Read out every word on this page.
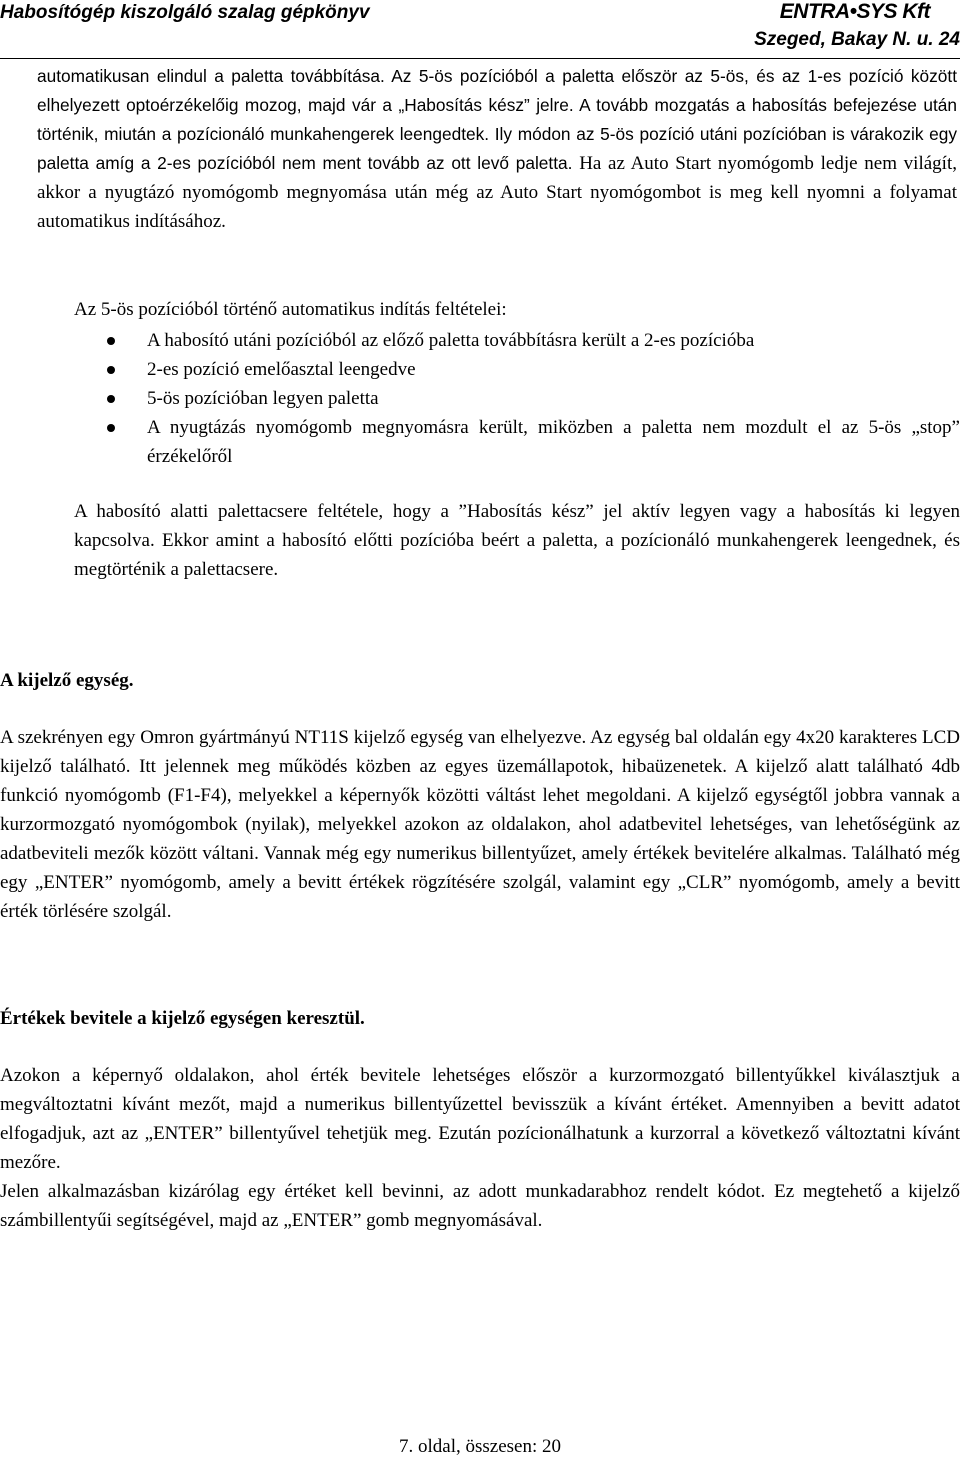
Habosítógép kiszolgáló szalag gépkönyv	ENTRA•SYS Kft
Szeged, Bakay N. u. 24
automatikusan elindul a paletta továbbítása. Az 5-ös pozícióból a paletta először az 5-ös, és az 1-es pozíció között elhelyezett optoérzékelőig mozog, majd vár a „Habosítás kész” jelre. A tovább mozgatás a habosítás befejezése után történik, miután a pozícionáló munkahengerek leengedtek. Ily módon az 5-ös pozíció utáni pozícióban is várakozik egy paletta amíg a 2-es pozícióból nem ment tovább az ott levő paletta. Ha az Auto Start nyomógomb ledje nem világít, akkor a nyugtázó nyomógomb megnyomása után még az Auto Start nyomógombot is meg kell nyomni a folyamat automatikus indításához.
Az 5-ös pozícióból történő automatikus indítás feltételei:
A habosító utáni pozícióból az előző paletta továbbításra került a 2-es pozícióba
2-es pozíció emelőasztal leengedve
5-ös pozícióban legyen paletta
A nyugtázás nyomógomb megnyomásra került, miközben a paletta nem mozdult el az 5-ös „stop” érzékelőről
A habosító alatti palettacsere feltétele, hogy a ”Habosítás kész” jel aktív legyen vagy a habosítás ki legyen kapcsolva. Ekkor amint a habosító előtti pozícióba beért a paletta, a pozícionáló munkahengerek leengednek, és megtörténik a palettacsere.
A kijelző egység.
A szekrényen egy Omron gyártmányú NT11S kijelző egység van elhelyezve. Az egység bal oldalán egy 4x20 karakteres LCD kijelző található. Itt jelennek meg működés közben az egyes üzemállapotok, hibaüzenetek. A kijelző alatt található 4db funkció nyomógomb (F1-F4), melyekkel a képernyők közötti váltást lehet megoldani. A kijelző egységtől jobbra vannak a kurzormozgató nyomógombok (nyilak), melyekkel azokon az oldalakon, ahol adatbevitel lehetséges, van lehetőségünk az adatbeviteli mezők között váltani. Vannak még egy numerikus billentyűzet, amely értékek bevitelére alkalmas. Található még egy „ENTER” nyomógomb, amely a bevitt értékek rögzítésére szolgál, valamint egy „CLR” nyomógomb, amely a bevitt érték törlésére szolgál.
Értékek bevitele a kijelző egységen keresztül.
Azokon a képernyő oldalakon, ahol érték bevitele lehetséges először a kurzormozgató billentyűkkel kiválasztjuk a megváltoztatni kívánt mezőt, majd a numerikus billentyűzettel bevisszük a kívánt értéket. Amennyiben a bevitt adatot elfogadjuk, azt az „ENTER” billentyűvel tehetjük meg. Ezután pozícionálhatunk a kurzorral a következő változtatni kívánt mezőre.
Jelen alkalmazásban kizárólag egy értéket kell bevinni, az adott munkadarabhoz rendelt kódot. Ez megtehető a kijelző számbillentyűi segítségével, majd az „ENTER” gomb megnyomásával.
7. oldal, összesen: 20
